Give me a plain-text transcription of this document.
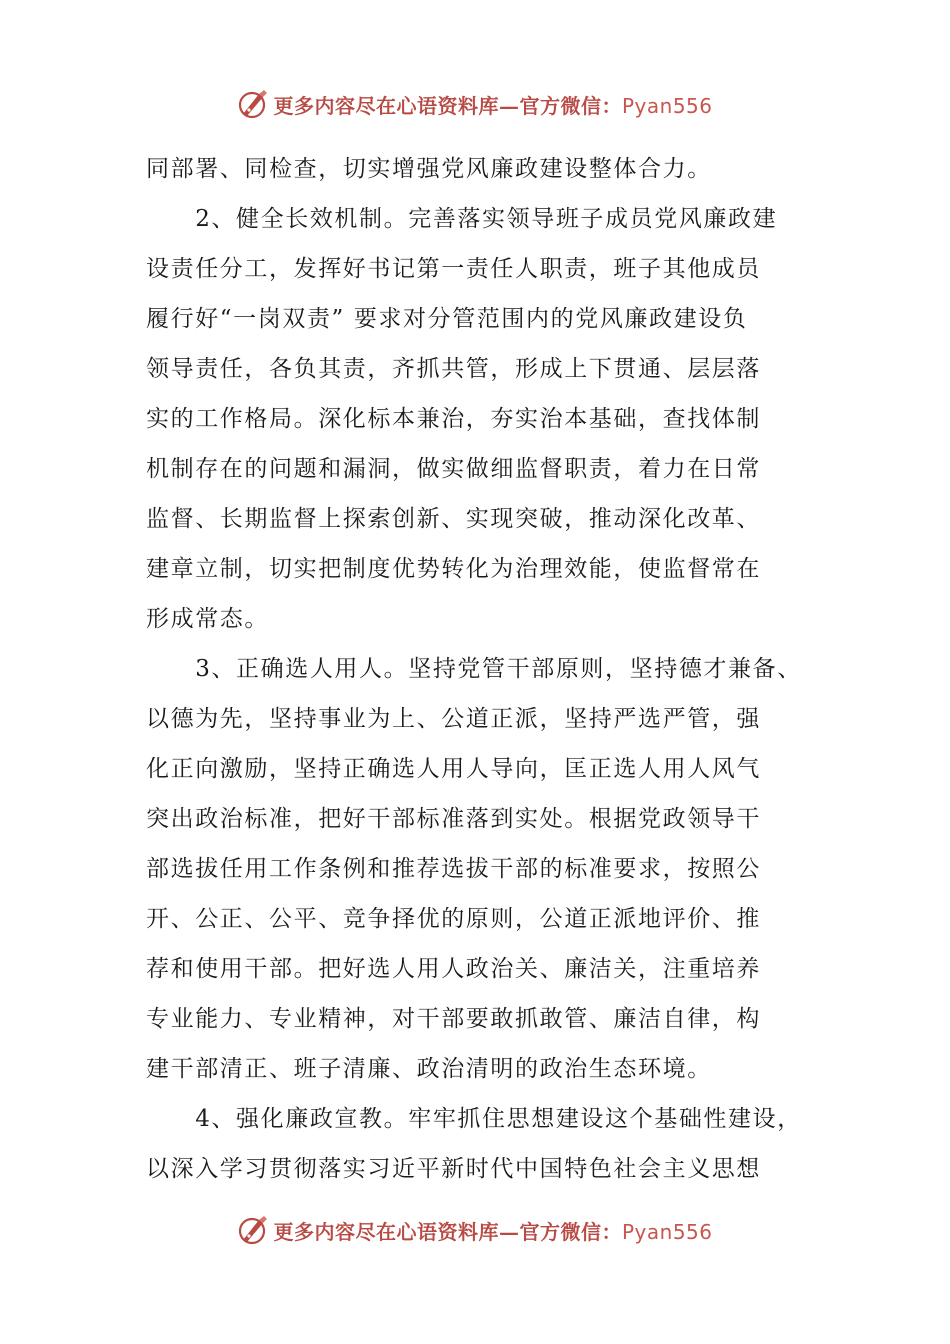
更多内容尽在心语资料库—官方微信：Pyan556
同部署、同检查，切实增强党风廉政建设整体合力。
　　2、健全长效机制。完善落实领导班子成员党风廉政建
设责任分工，发挥好书记第一责任人职责，班子其他成员
履行好“一岗双责” 要求对分管范围内的党风廉政建设负
领导责任，各负其责，齐抓共管，形成上下贯通、层层落
实的工作格局。深化标本兼治，夯实治本基础，查找体制
机制存在的问题和漏洞，做实做细监督职责，着力在日常
监督、长期监督上探索创新、实现突破，推动深化改革、
建章立制，切实把制度优势转化为治理效能，使监督常在
形成常态。
　　3、正确选人用人。坚持党管干部原则，坚持德才兼备、
以德为先，坚持事业为上、公道正派，坚持严选严管，强
化正向激励，坚持正确选人用人导向，匡正选人用人风气
突出政治标准，把好干部标准落到实处。根据党政领导干
部选拔任用工作条例和推荐选拔干部的标准要求，按照公
开、公正、公平、竞争择优的原则，公道正派地评价、推
荐和使用干部。把好选人用人政治关、廉洁关，注重培养
专业能力、专业精神，对干部要敢抓敢管、廉洁自律，构
建干部清正、班子清廉、政治清明的政治生态环境。
　　4、强化廉政宣教。牢牢抓住思想建设这个基础性建设，
以深入学习贯彻落实习近平新时代中国特色社会主义思想
更多内容尽在心语资料库—官方微信：Pyan556
